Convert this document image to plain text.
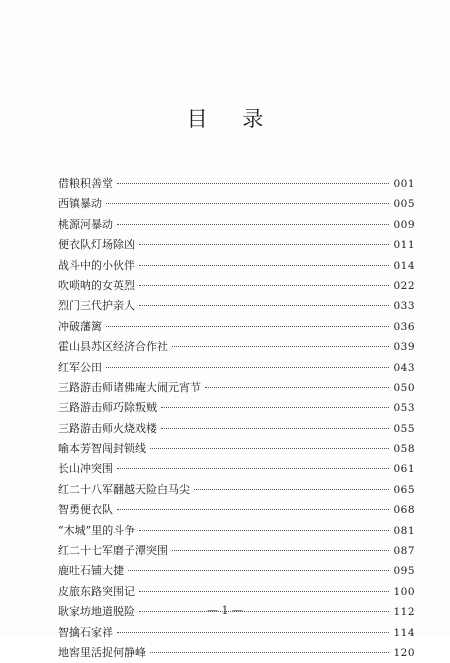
目 录
借粮积善堂	001
西镇暴动	005
桃源河暴动	009
便衣队灯场除凶	011
战斗中的小伙伴	014
吹唢呐的女英烈	022
烈门三代护亲人	033
冲破藩篱	036
霍山县苏区经济合作社	039
红军公田	043
三路游击师诸佛庵大闹元宵节	050
三路游击师巧除叛贼	053
三路游击师火烧戏楼	055
喻本芳智闯封锁线	058
长山冲突围	061
红二十八军翻越天险白马尖	065
智勇便衣队	068
“木城”里的斗争	081
红二十七军磨子潭突围	087
鹿吐石铺大捷	095
皮旅东路突围记	100
耿家坊地道脱险	112
智擒石家祥	114
地窖里活捉何静峰	120
— 1 —
